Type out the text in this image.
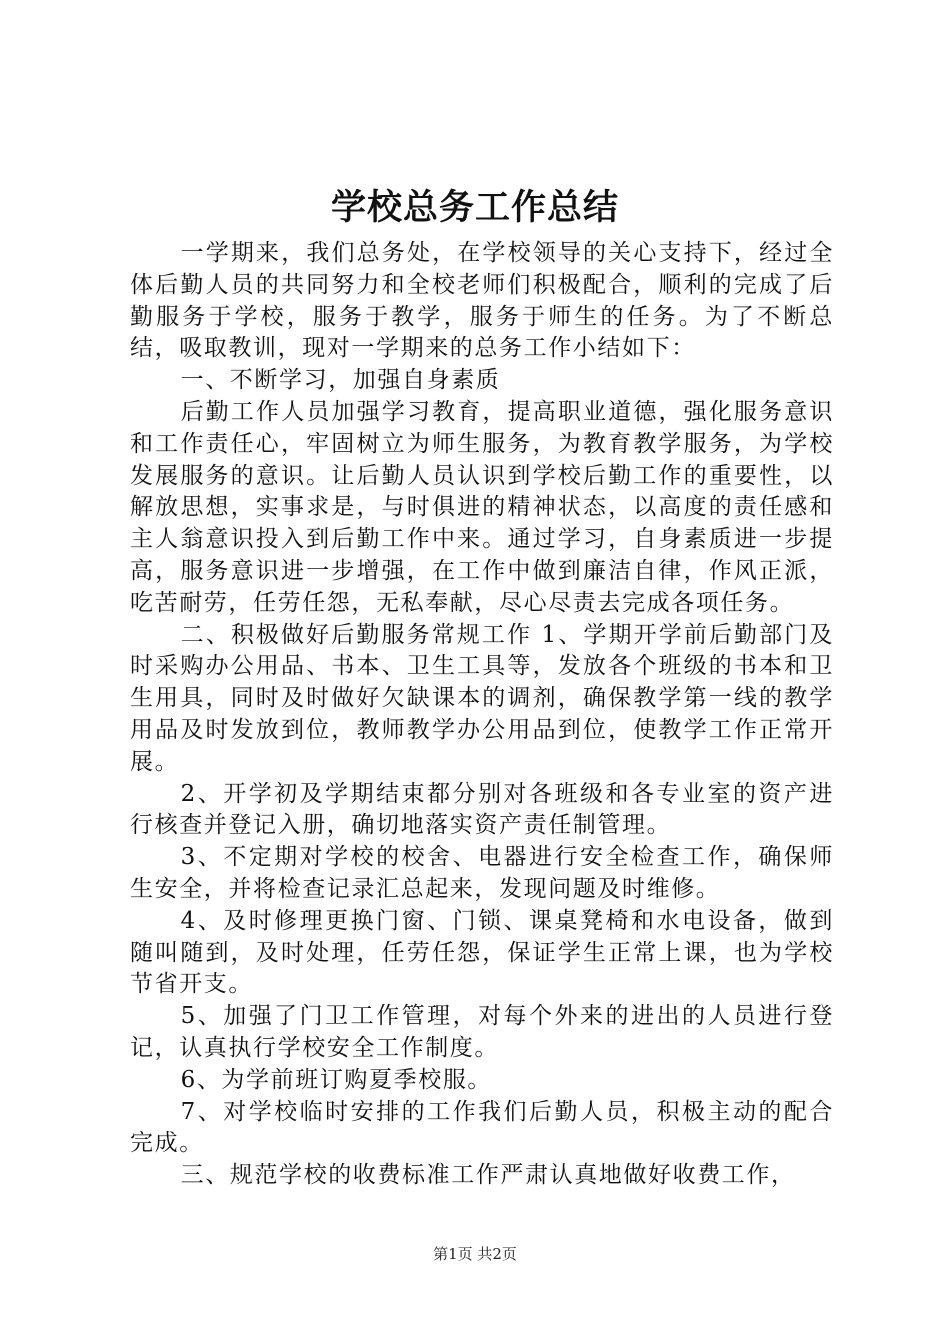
学校总务工作总结

一学期来，我们总务处，在学校领导的关心支持下，经过全体后勤人员的共同努力和全校老师们积极配合，顺利的完成了后勤服务于学校，服务于教学，服务于师生的任务。为了不断总结，吸取教训，现对一学期来的总务工作小结如下：

一、不断学习，加强自身素质

后勤工作人员加强学习教育，提高职业道德，强化服务意识和工作责任心，牢固树立为师生服务，为教育教学服务，为学校发展服务的意识。让后勤人员认识到学校后勤工作的重要性，以解放思想，实事求是，与时俱进的精神状态，以高度的责任感和主人翁意识投入到后勤工作中来。通过学习，自身素质进一步提高，服务意识进一步增强，在工作中做到廉洁自律，作风正派，吃苦耐劳，任劳任怨，无私奉献，尽心尽责去完成各项任务。

二、积极做好后勤服务常规工作 1、学期开学前后勤部门及时采购办公用品、书本、卫生工具等，发放各个班级的书本和卫生用具，同时及时做好欠缺课本的调剂，确保教学第一线的教学用品及时发放到位，教师教学办公用品到位，使教学工作正常开展。

2、开学初及学期结束都分别对各班级和各专业室的资产进行核查并登记入册，确切地落实资产责任制管理。

3、不定期对学校的校舍、电器进行安全检查工作，确保师生安全，并将检查记录汇总起来，发现问题及时维修。

4、及时修理更换门窗、门锁、课桌凳椅和水电设备，做到随叫随到，及时处理，任劳任怨，保证学生正常上课，也为学校节省开支。

5、加强了门卫工作管理，对每个外来的进出的人员进行登记，认真执行学校安全工作制度。

6、为学前班订购夏季校服。

7、对学校临时安排的工作我们后勤人员，积极主动的配合完成。

三、规范学校的收费标准工作严肃认真地做好收费工作，

第1页 共2页
